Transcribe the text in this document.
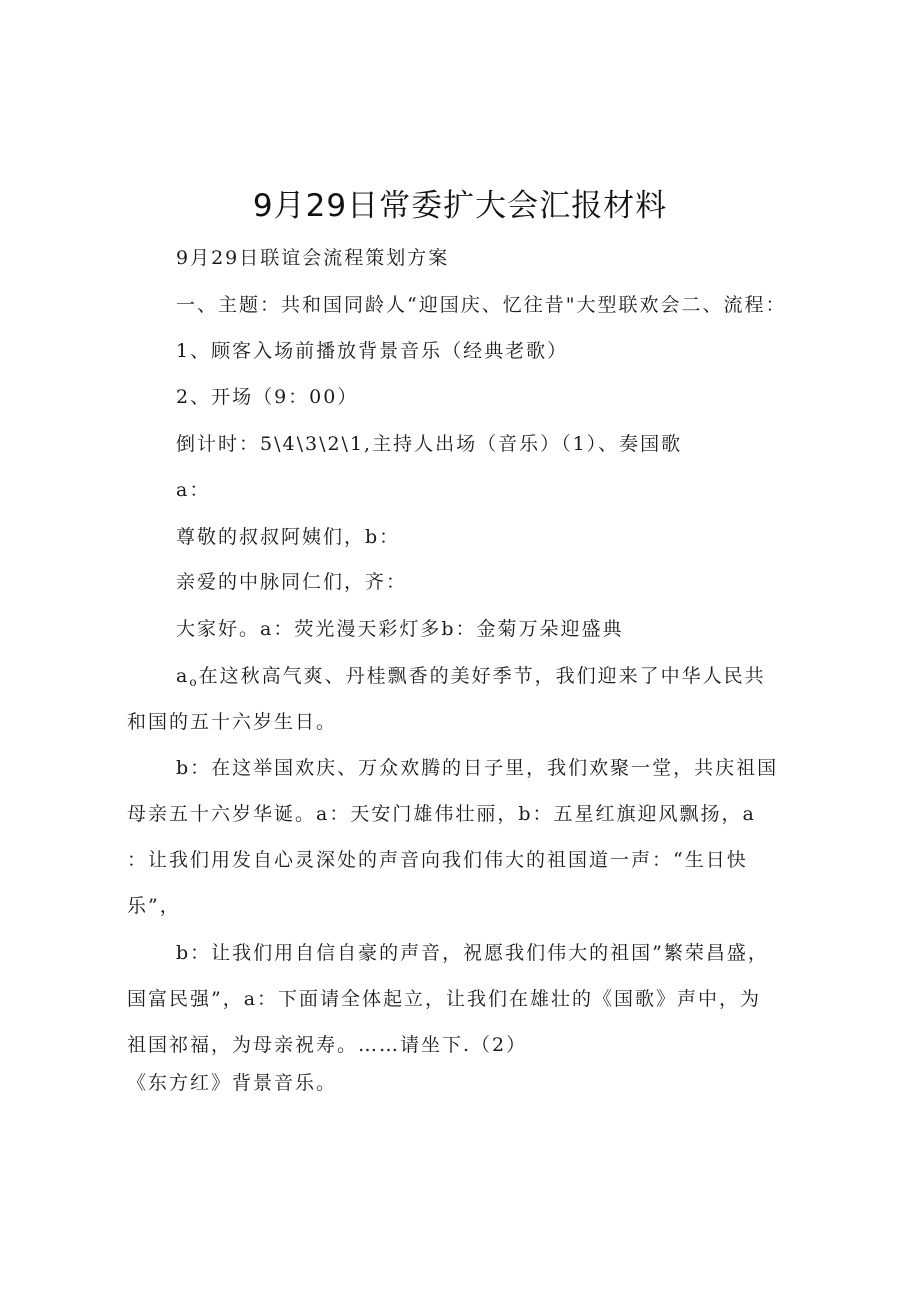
9月29日常委扩大会汇报材料
9月29日联谊会流程策划方案
一、主题：共和国同龄人“迎国庆、忆往昔"大型联欢会二、流程：
1、顾客入场前播放背景音乐（经典老歌）
2、开场（9：00）
倒计时：5\4\3\2\1,主持人出场（音乐）（1）、奏国歌
a：
尊敬的叔叔阿姨们，b：
亲爱的中脉同仁们，齐：
大家好。a：荧光漫天彩灯多b：金菊万朵迎盛典
$a_o$在这秋高气爽、丹桂飘香的美好季节，我们迎来了中华人民共
和国的五十六岁生日。
b：在这举国欢庆、万众欢腾的日子里，我们欢聚一堂，共庆祖国
母亲五十六岁华诞。a：天安门雄伟壮丽，b：五星红旗迎风飘扬，a
：让我们用发自心灵深处的声音向我们伟大的祖国道一声：“生日快
乐”，
b：让我们用自信自豪的声音，祝愿我们伟大的祖国”繁荣昌盛，
国富民强”，a：下面请全体起立，让我们在雄壮的《国歌》声中，为
祖国祁福，为母亲祝寿。……请坐下.（2）
《东方红》背景音乐。
